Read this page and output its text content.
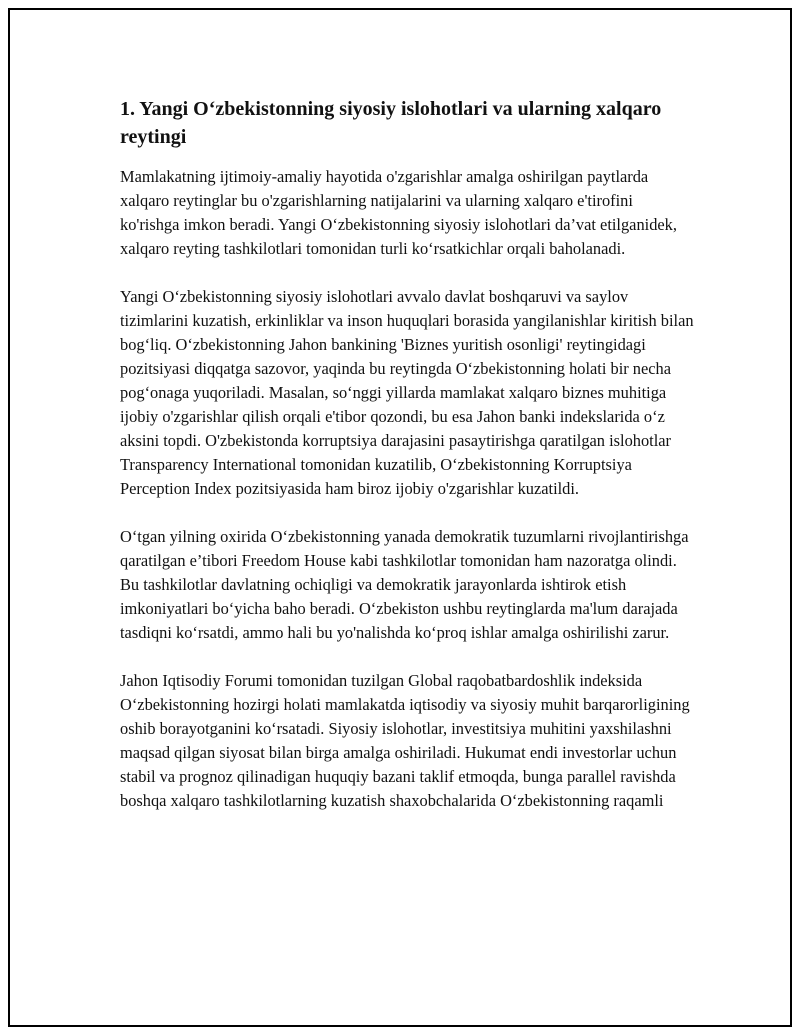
1. Yangi O‘zbekistonning siyosiy islohotlari va ularning xalqaro reytingi

Mamlakatning ijtimoiy-amaliy hayotida o'zgarishlar amalga oshirilgan paytlarda xalqaro reytinglar bu o'zgarishlarning natijalarini va ularning xalqaro e'tirofini ko'rishga imkon beradi. Yangi O‘zbekistonning siyosiy islohotlari da’vat etilganidek, xalqaro reyting tashkilotlari tomonidan turli ko‘rsatkichlar orqali baholanadi.

Yangi O‘zbekistonning siyosiy islohotlari avvalo davlat boshqaruvi va saylov tizimlarini kuzatish, erkinliklar va inson huquqlari borasida yangilanishlar kiritish bilan bog‘liq. O‘zbekistonning Jahon bankining 'Biznes yuritish osonligi' reytingidagi pozitsiyasi diqqatga sazovor, yaqinda bu reytingda O‘zbekistonning holati bir necha pog‘onaga yuqoriladi. Masalan, so‘nggi yillarda mamlakat xalqaro biznes muhitiga ijobiy o'zgarishlar qilish orqali e'tibor qozondi, bu esa Jahon banki indekslarida o‘z aksini topdi. O'zbekistonda korruptsiya darajasini pasaytirishga qaratilgan islohotlar Transparency International tomonidan kuzatilib, O‘zbekistonning Korruptsiya Perception Index pozitsiyasida ham biroz ijobiy o'zgarishlar kuzatildi.

O‘tgan yilning oxirida O‘zbekistonning yanada demokratik tuzumlarni rivojlantirishga qaratilgan e’tibori Freedom House kabi tashkilotlar tomonidan ham nazoratga olindi. Bu tashkilotlar davlatning ochiqligi va demokratik jarayonlarda ishtirok etish imkoniyatlari bo‘yicha baho beradi. O‘zbekiston ushbu reytinglarda ma'lum darajada tasdiqni ko‘rsatdi, ammo hali bu yo'nalishda ko‘proq ishlar amalga oshirilishi zarur.

Jahon Iqtisodiy Forumi tomonidan tuzilgan Global raqobatbardoshlik indeksida O‘zbekistonning hozirgi holati mamlakatda iqtisodiy va siyosiy muhit barqarorligining oshib borayotganini ko‘rsatadi. Siyosiy islohotlar, investitsiya muhitini yaxshilashni maqsad qilgan siyosat bilan birga amalga oshiriladi. Hukumat endi investorlar uchun stabil va prognoz qilinadigan huquqiy bazani taklif etmoqda, bunga parallel ravishda boshqa xalqaro tashkilotlarning kuzatish shaxobchalarida O‘zbekistonning raqamli
